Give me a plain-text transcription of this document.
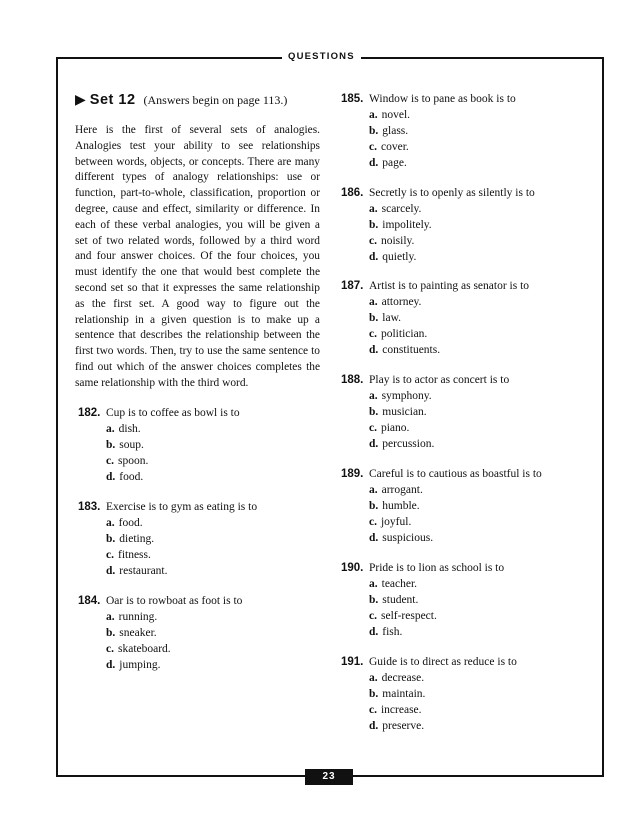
QUESTIONS
▶ Set 12 (Answers begin on page 113.)

Here is the first of several sets of analogies. Analogies test your ability to see relationships between words, objects, or concepts. There are many different types of analogy relationships: use or function, part-to-whole, classification, proportion or degree, cause and effect, similarity or difference. In each of these verbal analogies, you will be given a set of two related words, followed by a third word and four answer choices. Of the four choices, you must identify the one that would best complete the second set so that it expresses the same relationship as the first set. A good way to figure out the relationship in a given question is to make up a sentence that describes the relationship between the first two words. Then, try to use the same sentence to find out which of the answer choices completes the same relationship with the third word.

182. Cup is to coffee as bowl is to
a. dish.
b. soup.
c. spoon.
d. food.
183. Exercise is to gym as eating is to
a. food.
b. dieting.
c. fitness.
d. restaurant.
184. Oar is to rowboat as foot is to
a. running.
b. sneaker.
c. skateboard.
d. jumping.
185. Window is to pane as book is to
a. novel.
b. glass.
c. cover.
d. page.
186. Secretly is to openly as silently is to
a. scarcely.
b. impolitely.
c. noisily.
d. quietly.
187. Artist is to painting as senator is to
a. attorney.
b. law.
c. politician.
d. constituents.
188. Play is to actor as concert is to
a. symphony.
b. musician.
c. piano.
d. percussion.
189. Careful is to cautious as boastful is to
a. arrogant.
b. humble.
c. joyful.
d. suspicious.
190. Pride is to lion as school is to
a. teacher.
b. student.
c. self-respect.
d. fish.
191. Guide is to direct as reduce is to
a. decrease.
b. maintain.
c. increase.
d. preserve.
23
